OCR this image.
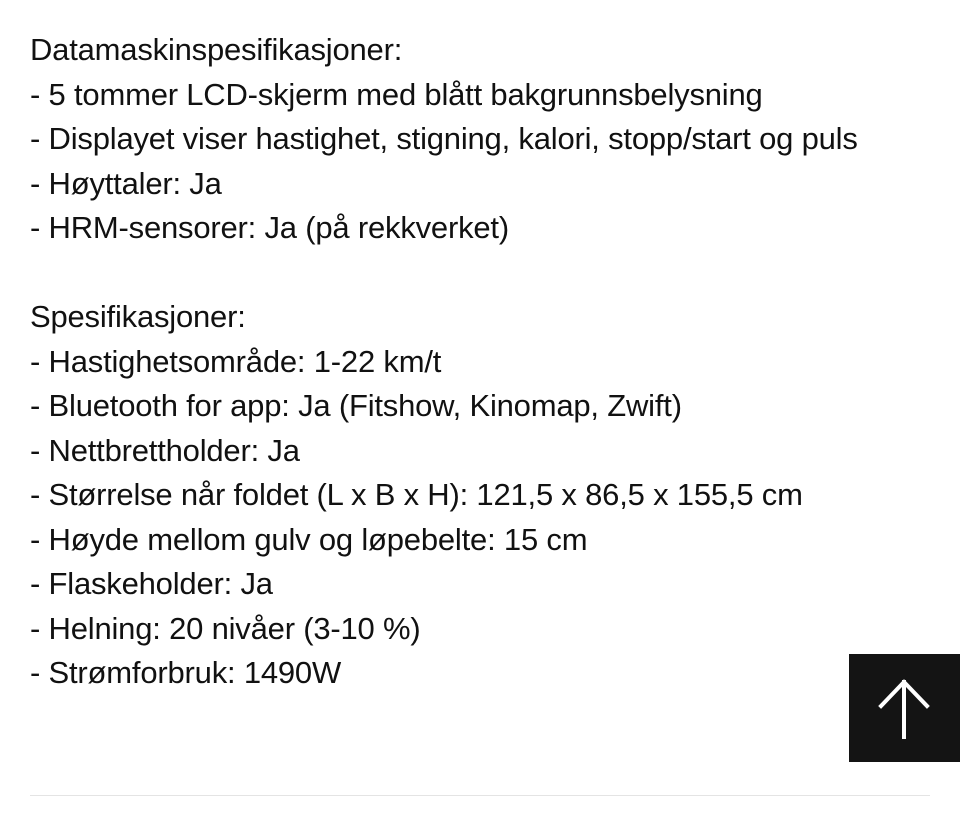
Datamaskinspesifikasjoner:
- 5 tommer LCD-skjerm med blått bakgrunnsbelysning
- Displayet viser hastighet, stigning, kalori, stopp/start og puls
- Høyttaler: Ja
- HRM-sensorer: Ja (på rekkverket)
Spesifikasjoner:
- Hastighetsområde: 1-22 km/t
- Bluetooth for app: Ja (Fitshow, Kinomap, Zwift)
- Nettbrettholder: Ja
- Størrelse når foldet (L x B x H): 121,5 x 86,5 x 155,5 cm
- Høyde mellom gulv og løpebelte: 15 cm
- Flaskeholder: Ja
- Helning: 20 nivåer (3-10 %)
- Strømforbruk: 1490W
